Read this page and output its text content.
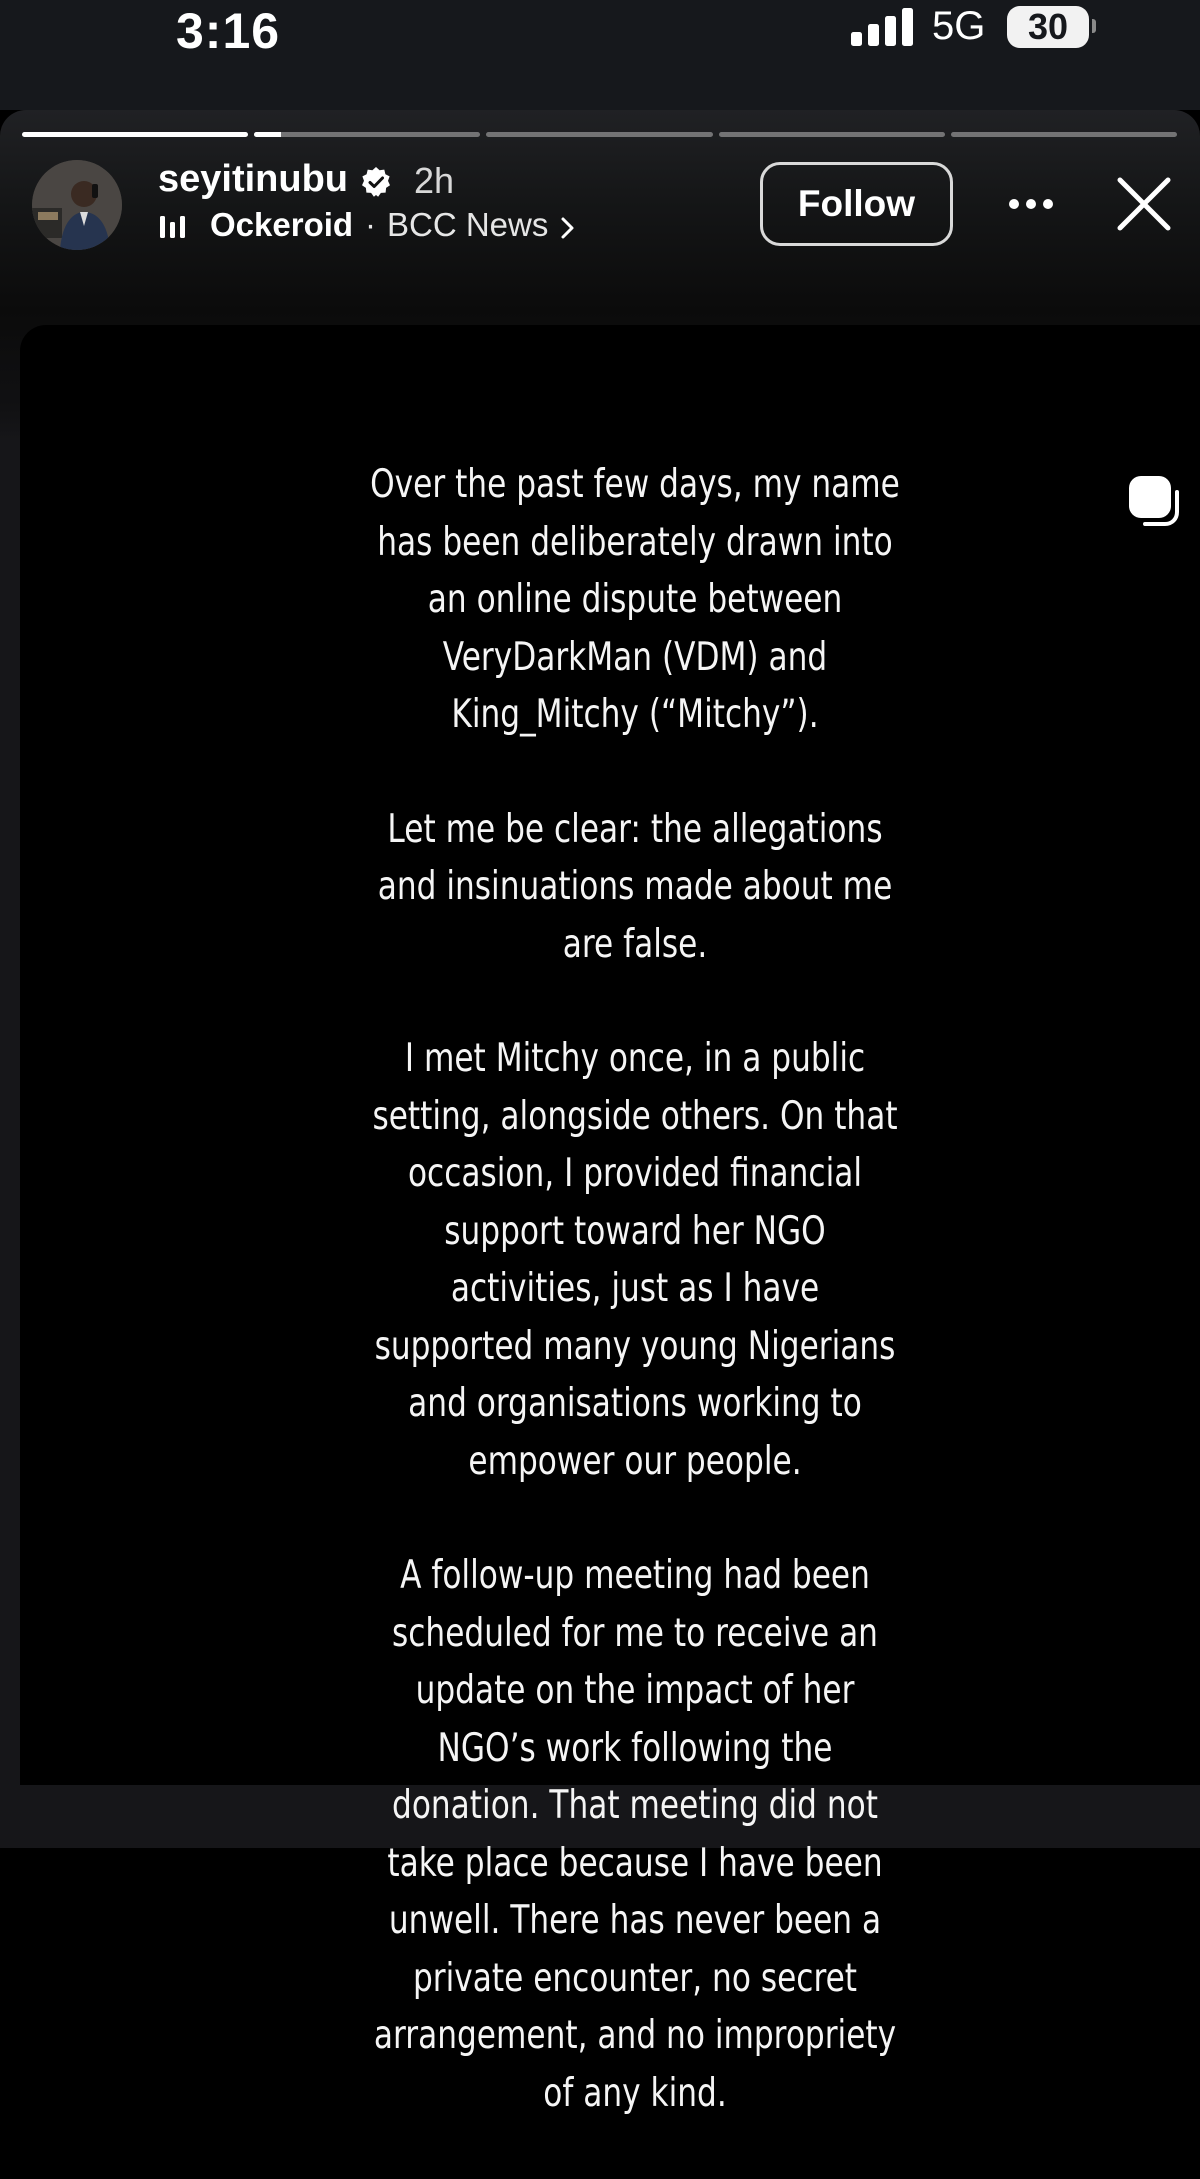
3:16	5G	30
seyitinubu 2h
Ockeroid · BCC News
Follow

Over the past few days, my name has been deliberately drawn into an online dispute between VeryDarkMan (VDM) and King_Mitchy (“Mitchy”).

Let me be clear: the allegations and insinuations made about me are false.

I met Mitchy once, in a public setting, alongside others. On that occasion, I provided financial support toward her NGO activities, just as I have supported many young Nigerians and organisations working to empower our people.

A follow-up meeting had been scheduled for me to receive an update on the impact of her NGO’s work following the donation. That meeting did not take place because I have been unwell. There has never been a private encounter, no secret arrangement, and no impropriety of any kind.
